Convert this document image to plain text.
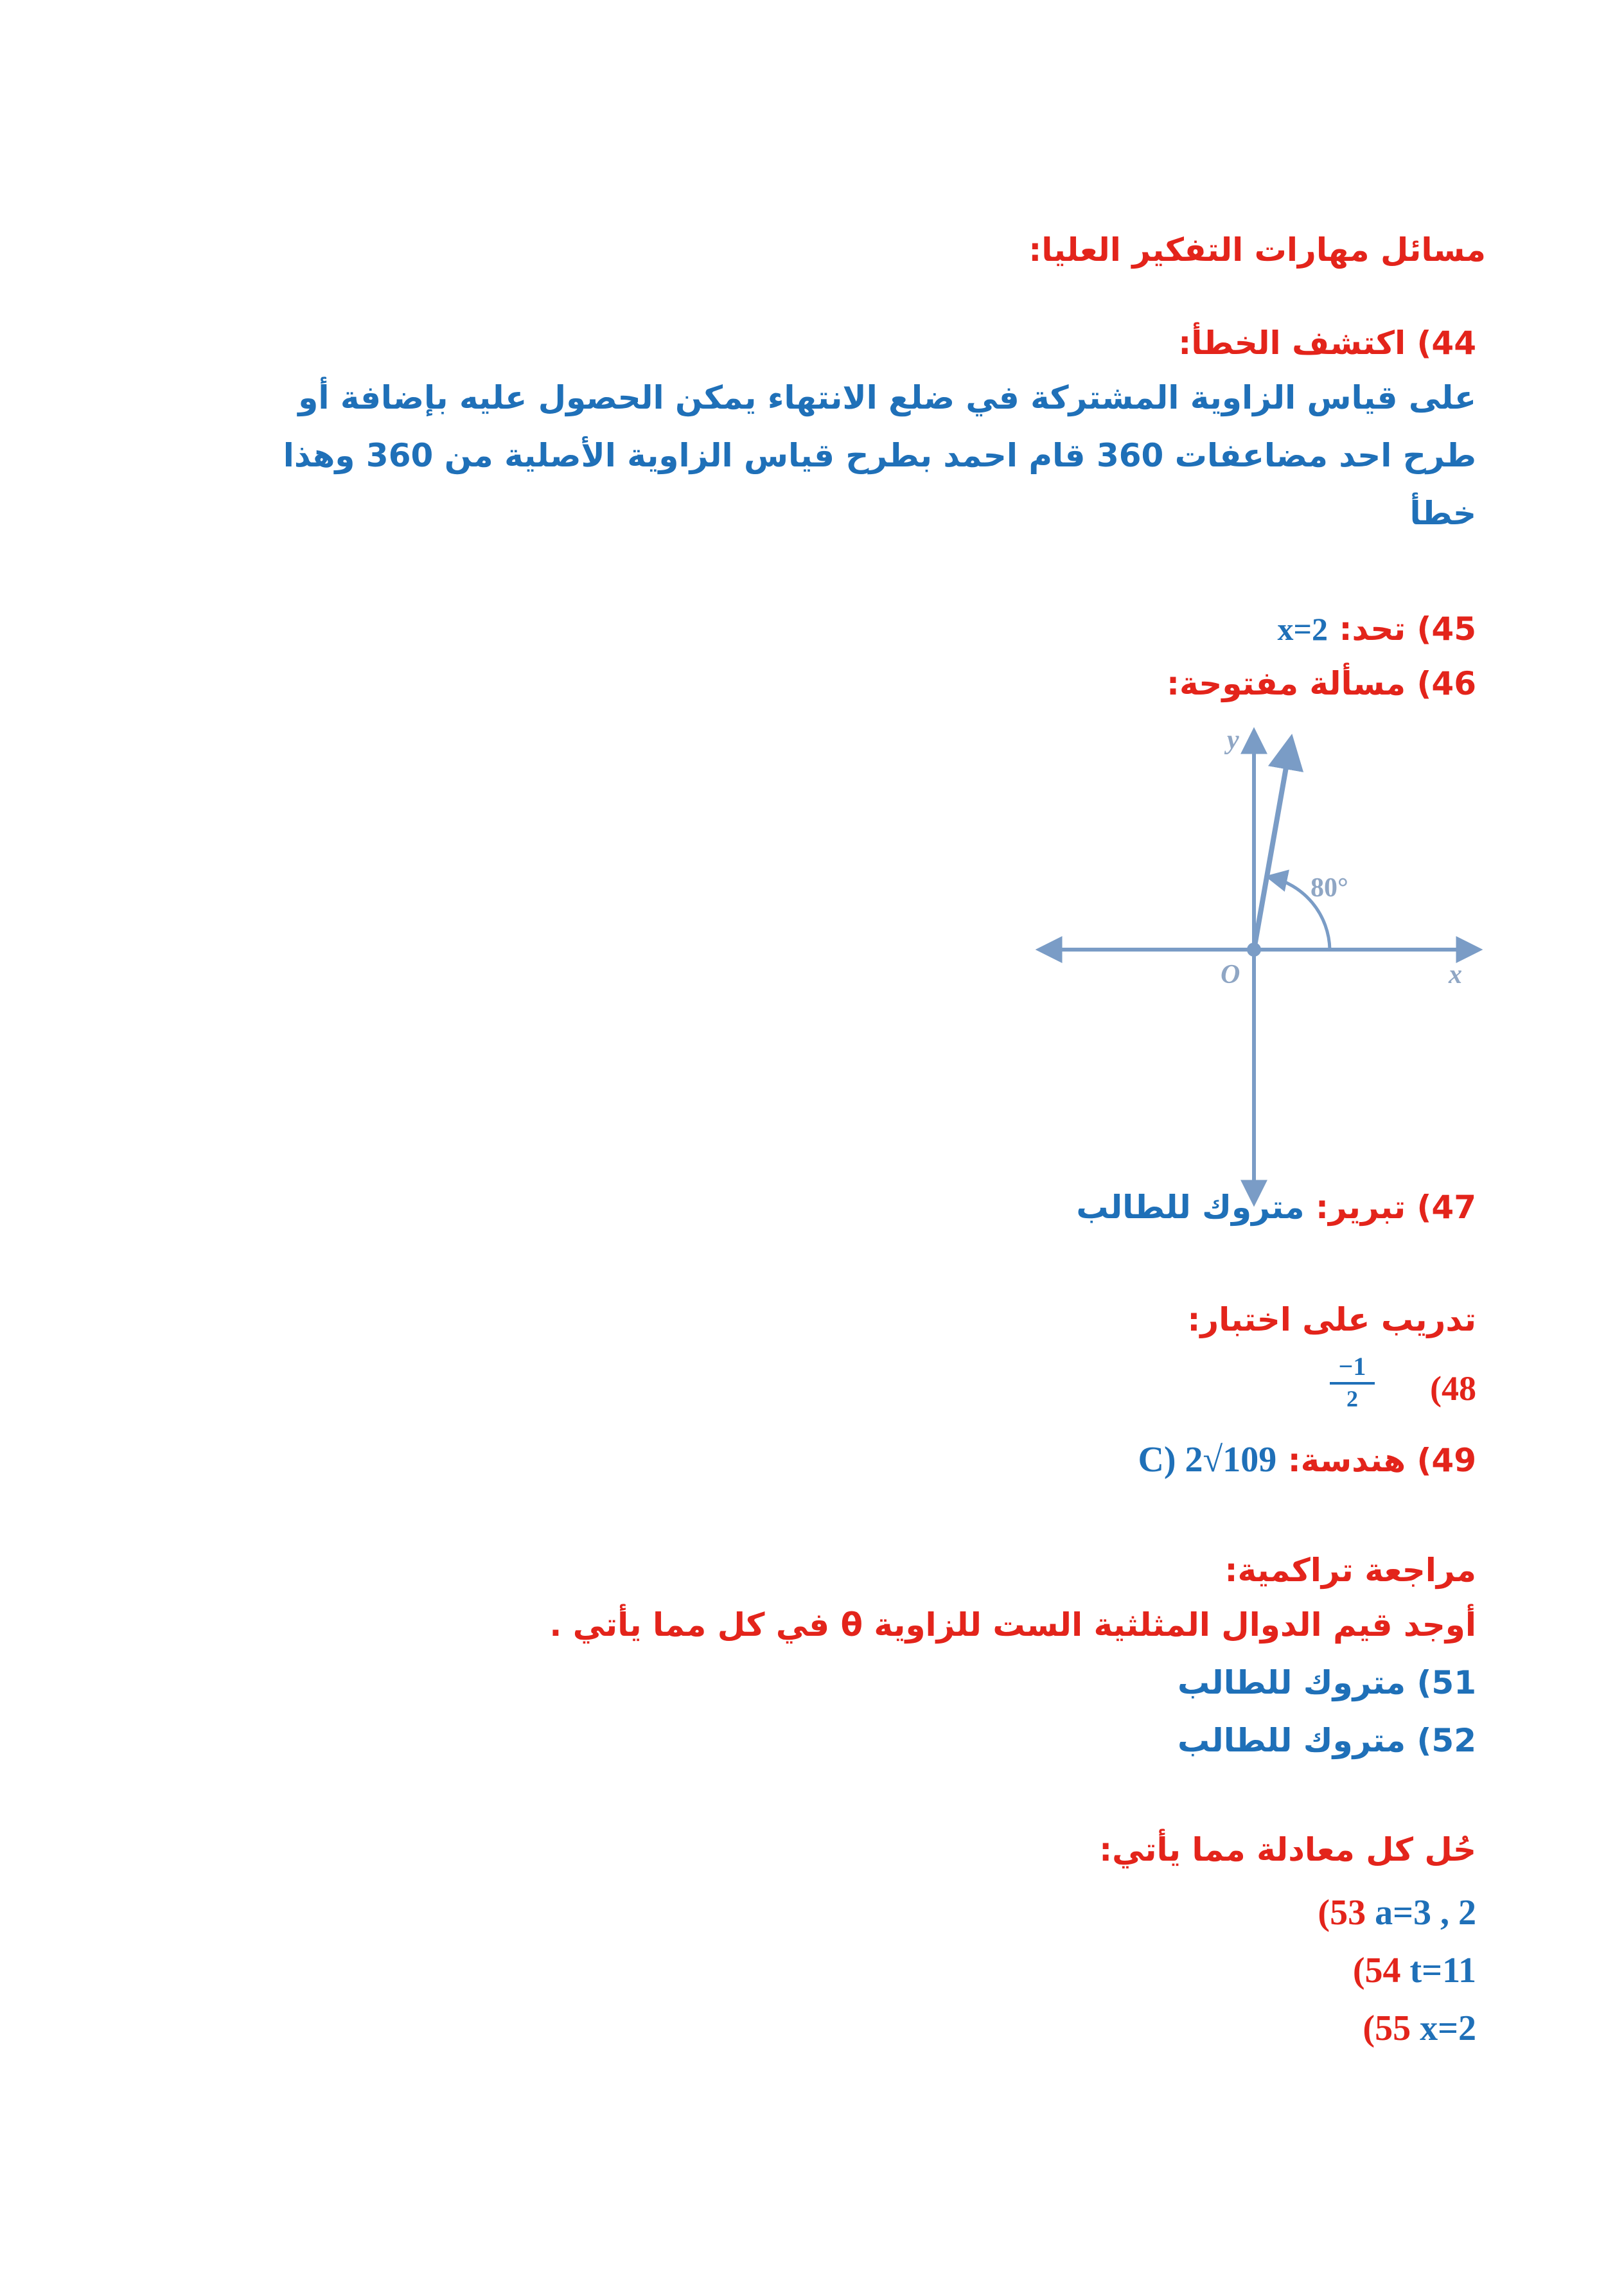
مسائل مهارات التفكير العليا:
44) اكتشف الخطأ:
على قياس الزاوية المشتركة في ضلع الانتهاء يمكن الحصول عليه بإضافة أو
طرح احد مضاعفات 360 قام احمد بطرح قياس الزاوية الأصلية من 360 وهذا
خطأ
45) تحد: x=2
46) مسألة مفتوحة:
y
x
O
80°
47) تبرير: متروك للطالب
تدريب على اختبار:
(48
−1
2
49) هندسة: C) 2√109
مراجعة تراكمية:
أوجد قيم الدوال المثلثية الست للزاوية θ في كل مما يأتي .
51) متروك للطالب
52) متروك للطالب
حُل كل معادلة مما يأتي:
(53 a=3 , 2
(54 t=11
(55 x=2
